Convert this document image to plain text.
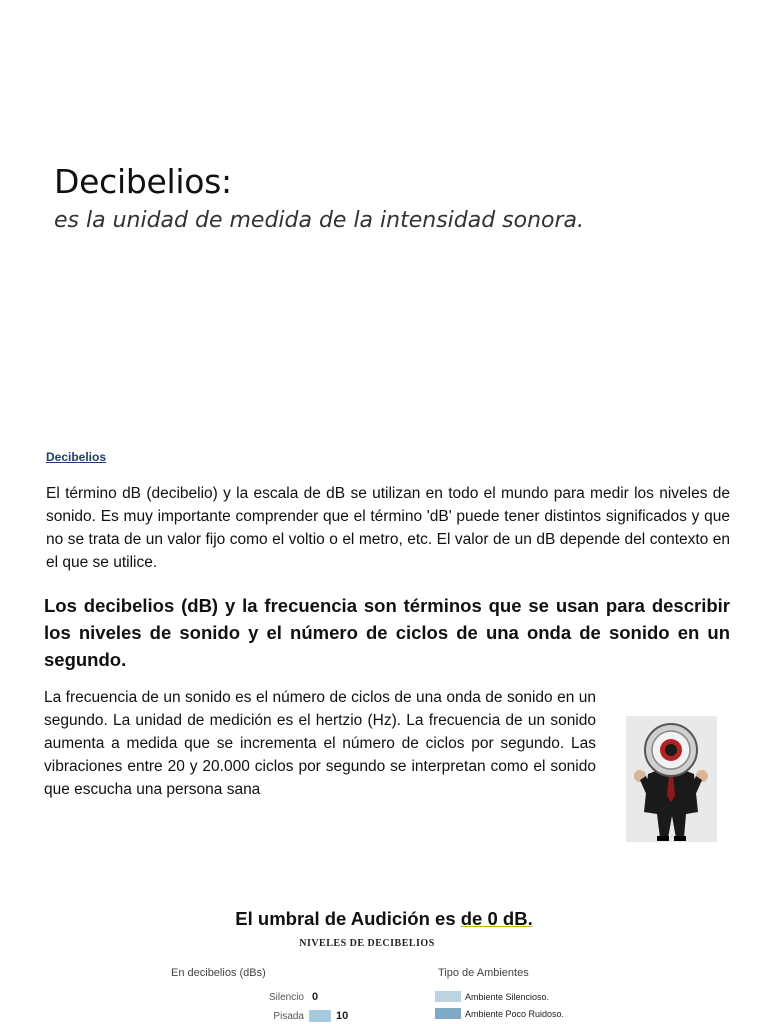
Decibelios:
es la unidad de medida de la intensidad sonora.
Decibelios
El término dB (decibelio) y la escala de dB se utilizan en todo el mundo para medir los niveles de sonido. Es muy importante comprender que el término 'dB' puede tener distintos significados y que no se trata de un valor fijo como el voltio o el metro, etc. El valor de un dB depende del contexto en el que se utilice.
Los decibelios (dB) y la frecuencia son términos que se usan para describir los niveles de sonido y el número de ciclos de una onda de sonido en un segundo.
La frecuencia de un sonido es el número de ciclos de una onda de sonido en un segundo. La unidad de medición es el hertzio (Hz). La frecuencia de un sonido aumenta a medida que se incrementa el número de ciclos por segundo. Las vibraciones entre 20 y 20.000 ciclos por segundo se interpretan como el sonido que escucha una persona sana
El umbral de Audición es de 0 dB.
NIVELES DE DECIBELIOS
En decibelios (dBs)	Tipo de Ambientes
Silencio 0
Pisada	10
Ambiente Silencioso.
Ambiente Poco Ruidoso.
